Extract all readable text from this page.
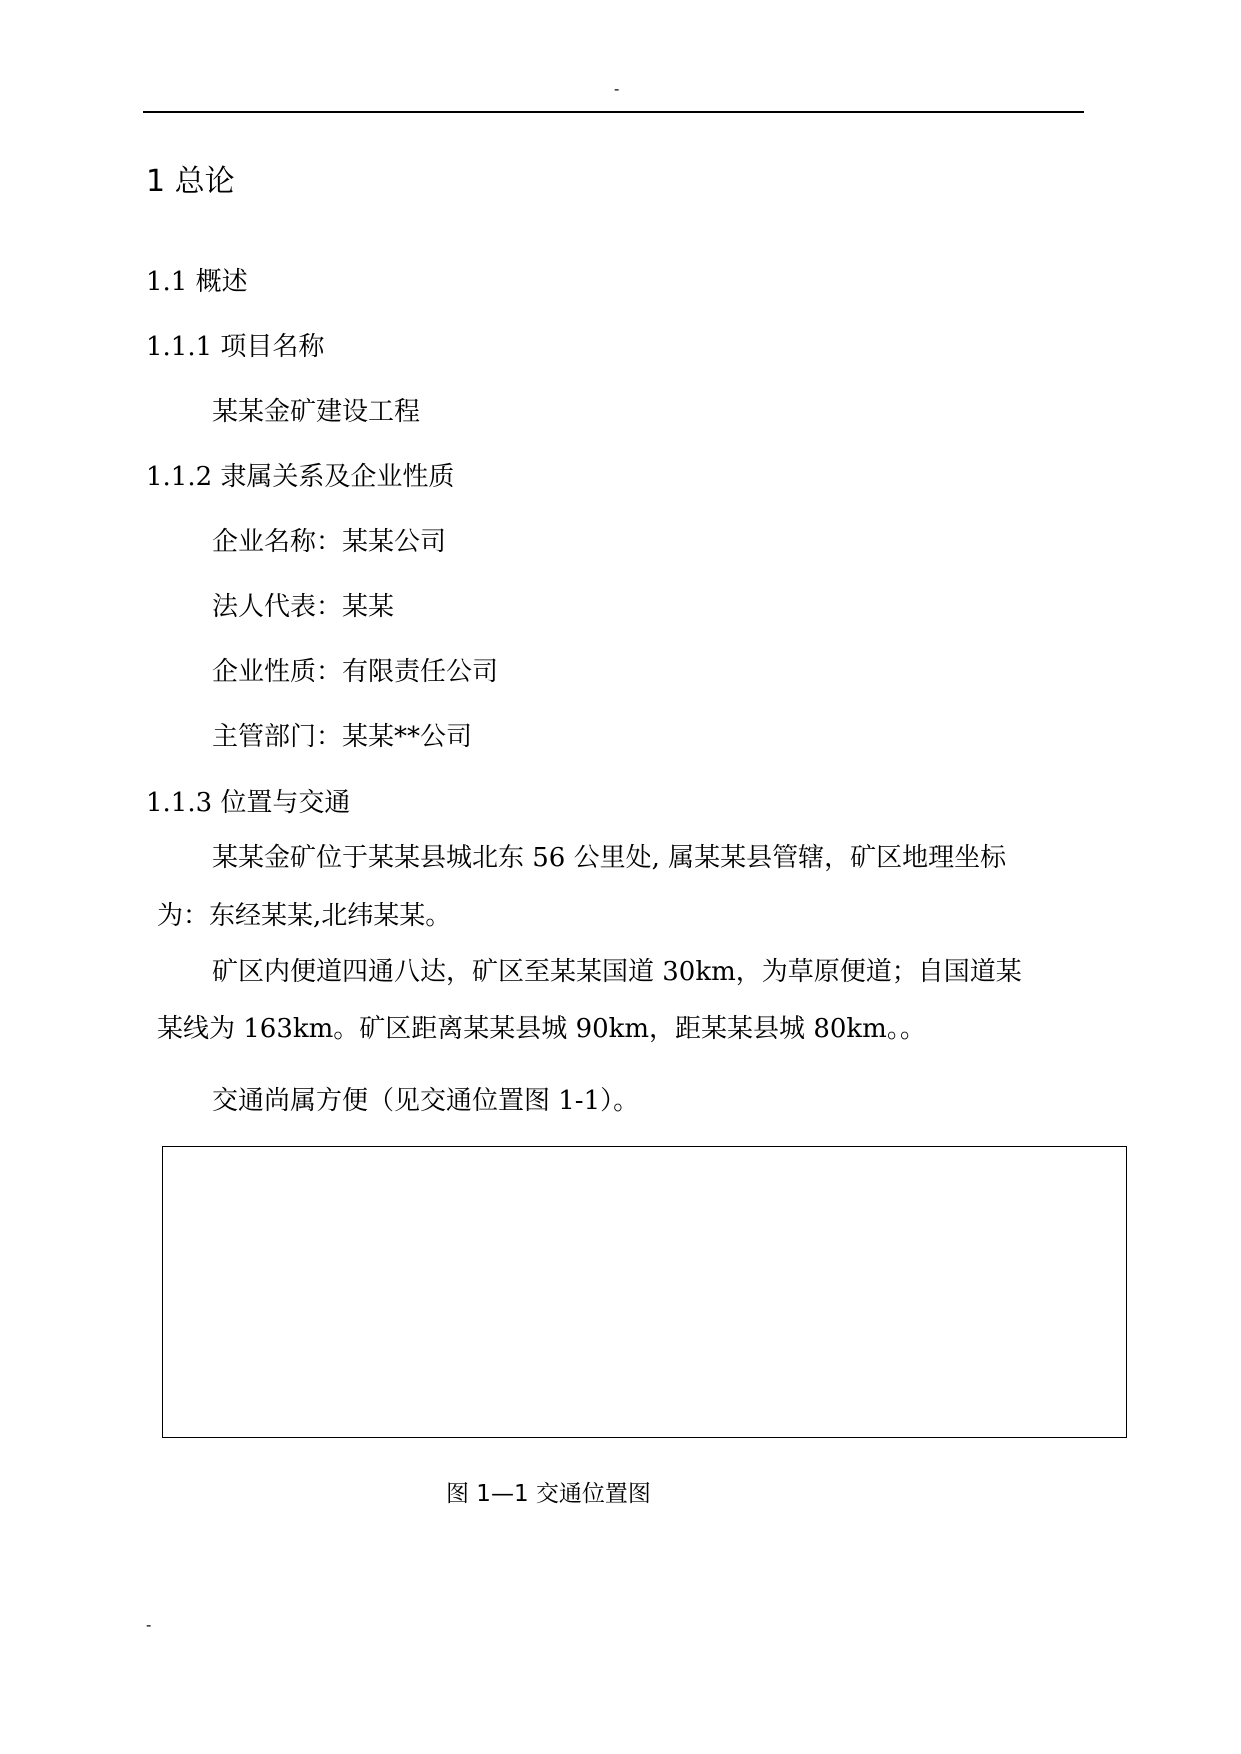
-
1 总论
1.1 概述
1.1.1 项目名称
某某金矿建设工程
1.1.2 隶属关系及企业性质
企业名称：某某公司
法人代表：某某
企业性质：有限责任公司
主管部门：某某**公司
1.1.3 位置与交通
某某金矿位于某某县城北东 56 公里处, 属某某县管辖，矿区地理坐标
为：东经某某,北纬某某。
矿区内便道四通八达，矿区至某某国道 30km，为草原便道；自国道某
某线为 163km。矿区距离某某县城 90km，距某某县城 80km。。
交通尚属方便（见交通位置图 1-1）。
图 1—1 交通位置图
-
